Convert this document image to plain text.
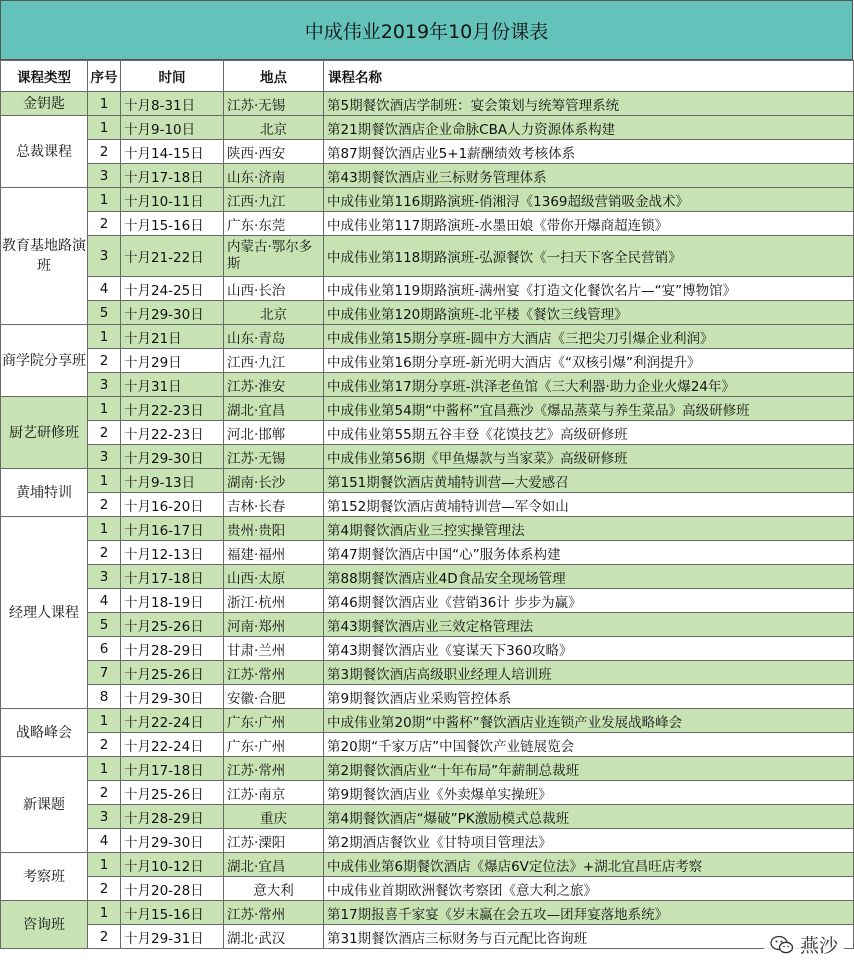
中成伟业2019年10月份课表
课程类型	序号	时间	地点	课程名称
金钥匙	1	十月8-31日	江苏·无锡	第5期餐饮酒店学制班：宴会策划与统筹管理系统
总裁课程	1	十月9-10日	北京	第21期餐饮酒店企业命脉CBA人力资源体系构建
	2	十月14-15日	陕西·西安	第87期餐饮酒店业5+1薪酬绩效考核体系
	3	十月17-18日	山东·济南	第43期餐饮酒店业三标财务管理体系
教育基地路演班	1	十月10-11日	江西·九江	中成伟业第116期路演班-俏湘浔《1369超级营销吸金战术》
	2	十月15-16日	广东·东莞	中成伟业第117期路演班-水墨田娘《带你开爆商超连锁》
	3	十月21-22日	内蒙古·鄂尔多斯	中成伟业第118期路演班-弘源餐饮《一扫天下客全民营销》
	4	十月24-25日	山西·长治	中成伟业第119期路演班-满州宴《打造文化餐饮名片—“宴”博物馆》
	5	十月29-30日	北京	中成伟业第120期路演班-北平楼《餐饮三线管理》
商学院分享班	1	十月21日	山东·青岛	中成伟业第15期分享班-圆中方大酒店《三把尖刀引爆企业利润》
	2	十月29日	江西·九江	中成伟业第16期分享班-新光明大酒店《“双核引爆”利润提升》
	3	十月31日	江苏·淮安	中成伟业第17期分享班-洪泽老鱼馆《三大利器·助力企业火爆24年》
厨艺研修班	1	十月22-23日	湖北·宜昌	中成伟业第54期“中酱杯”宜昌燕沙《爆品蒸菜与养生菜品》高级研修班
	2	十月22-23日	河北·邯郸	中成伟业第55期五谷丰登《花馍技艺》高级研修班
	3	十月29-30日	江苏·无锡	中成伟业第56期《甲鱼爆款与当家菜》高级研修班
黄埔特训	1	十月9-13日	湖南·长沙	第151期餐饮酒店黄埔特训营—大爱感召
	2	十月16-20日	吉林·长春	第152期餐饮酒店黄埔特训营—军令如山
经理人课程	1	十月16-17日	贵州·贵阳	第4期餐饮酒店业三控实操管理法
	2	十月12-13日	福建·福州	第47期餐饮酒店中国“心”服务体系构建
	3	十月17-18日	山西·太原	第88期餐饮酒店业4D食品安全现场管理
	4	十月18-19日	浙江·杭州	第46期餐饮酒店业《营销36计 步步为赢》
	5	十月25-26日	河南·郑州	第43期餐饮酒店业三效定格管理法
	6	十月28-29日	甘肃·兰州	第43期餐饮酒店业《宴谋天下360攻略》
	7	十月25-26日	江苏·常州	第3期餐饮酒店高级职业经理人培训班
	8	十月29-30日	安徽·合肥	第9期餐饮酒店业采购管控体系
战略峰会	1	十月22-24日	广东·广州	中成伟业第20期“中酱杯”餐饮酒店业连锁产业发展战略峰会
	2	十月22-24日	广东·广州	第20期“千家万店”中国餐饮产业链展览会
新课题	1	十月17-18日	江苏·常州	第2期餐饮酒店业“十年布局”年薪制总裁班
	2	十月25-26日	江苏·南京	第9期餐饮酒店业《外卖爆单实操班》
	3	十月28-29日	重庆	第4期餐饮酒店“爆破”PK激励模式总裁班
	4	十月29-30日	江苏·溧阳	第2期酒店餐饮业《甘特项目管理法》
考察班	1	十月10-12日	湖北·宜昌	中成伟业第6期餐饮酒店《爆店6V定位法》+湖北宜昌旺店考察
	2	十月20-28日	意大利	中成伟业首期欧洲餐饮考察团《意大利之旅》
咨询班	1	十月15-16日	江苏·常州	第17期报喜千家宴《岁末赢在会五攻—团拜宴落地系统》
	2	十月29-31日	湖北·武汉	第31期餐饮酒店三标财务与百元配比咨询班	燕沙
